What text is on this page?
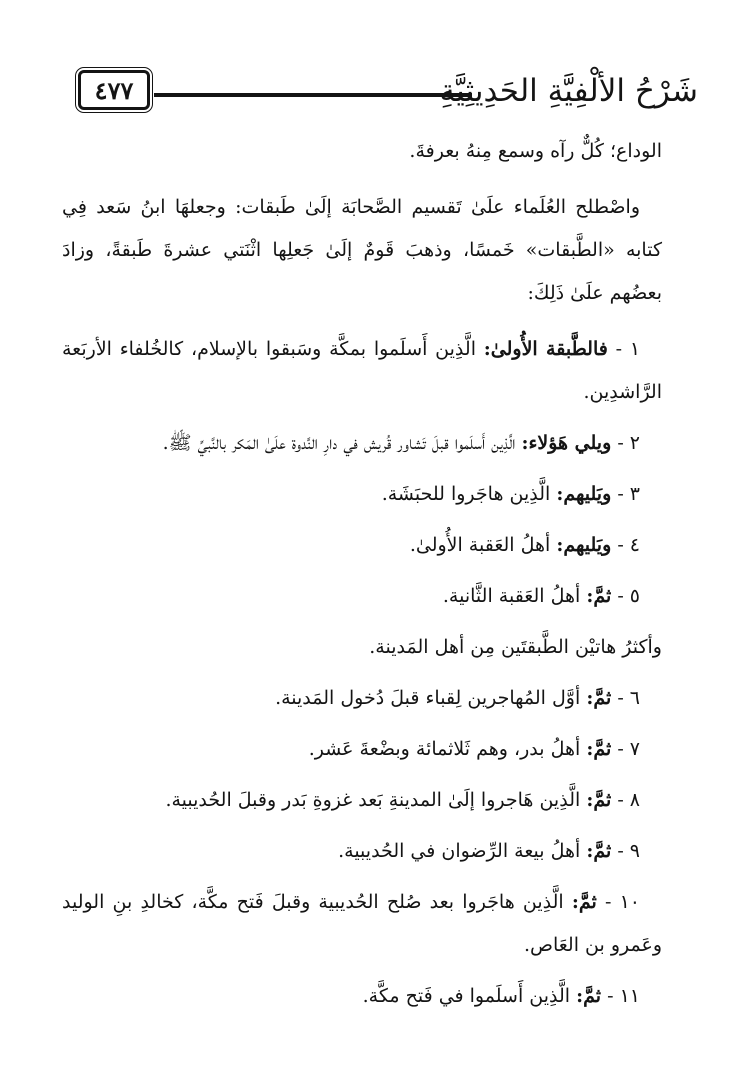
شَرْحُ الألْفِيَّةِ الحَدِيثِيَّةِ
٤٧٧

الوداع؛ كُلٌّ رآه وسمع مِنهُ بعرفةَ.

واصْطلح العُلَماء علَىٰ تَقسيم الصَّحابَة إلَىٰ طَبقات: وجعلهَا ابنُ سَعد فِي كتابه «الطَّبقات» خَمسًا، وذهبَ قَومٌ إلَىٰ جَعلِها اثْنَتي عشرةَ طَبقةً، وزادَ بعضُهم علَىٰ ذَلِكَ:

١ - فالطَّبقة الأُولىٰ: الَّذِين أَسلَموا بمكَّة وسَبقوا بالإسلام، كالخُلفاء الأربَعة الرَّاشدِين.

٢ - ويلي هَؤلاء: الَّذِين أَسلَموا قبلَ تَشاور قُريش في دارِ النَّدوة علَىٰ المَكر بالنَّبيِّ ﷺ.

٣ - ويَليهم: الَّذِين هاجَروا للحبَشَة.

٤ - ويَليهم: أهلُ العَقبة الأُولىٰ.

٥ - ثمَّ: أهلُ العَقبة الثَّانية.

وأكثرُ هاتيْن الطَّبقتَين مِن أهل المَدينة.

٦ - ثمَّ: أوَّل المُهاجرين لِقباء قبلَ دُخول المَدينة.

٧ - ثمَّ: أهلُ بدر، وهم ثَلاثمائة وبضْعةَ عَشر.

٨ - ثمَّ: الَّذِين هَاجروا إلَىٰ المدينةِ بَعد غزوةِ بَدر وقبلَ الحُديبية.

٩ - ثمَّ: أهلُ بيعة الرِّضوان في الحُديبية.

١٠ - ثمَّ: الَّذِين هاجَروا بعد صُلح الحُديبية وقبلَ فَتح مكَّة، كخالدِ بنِ الوليد وعَمرو بن العَاص.

١١ - ثمَّ: الَّذِين أَسلَموا في فَتح مكَّة.
